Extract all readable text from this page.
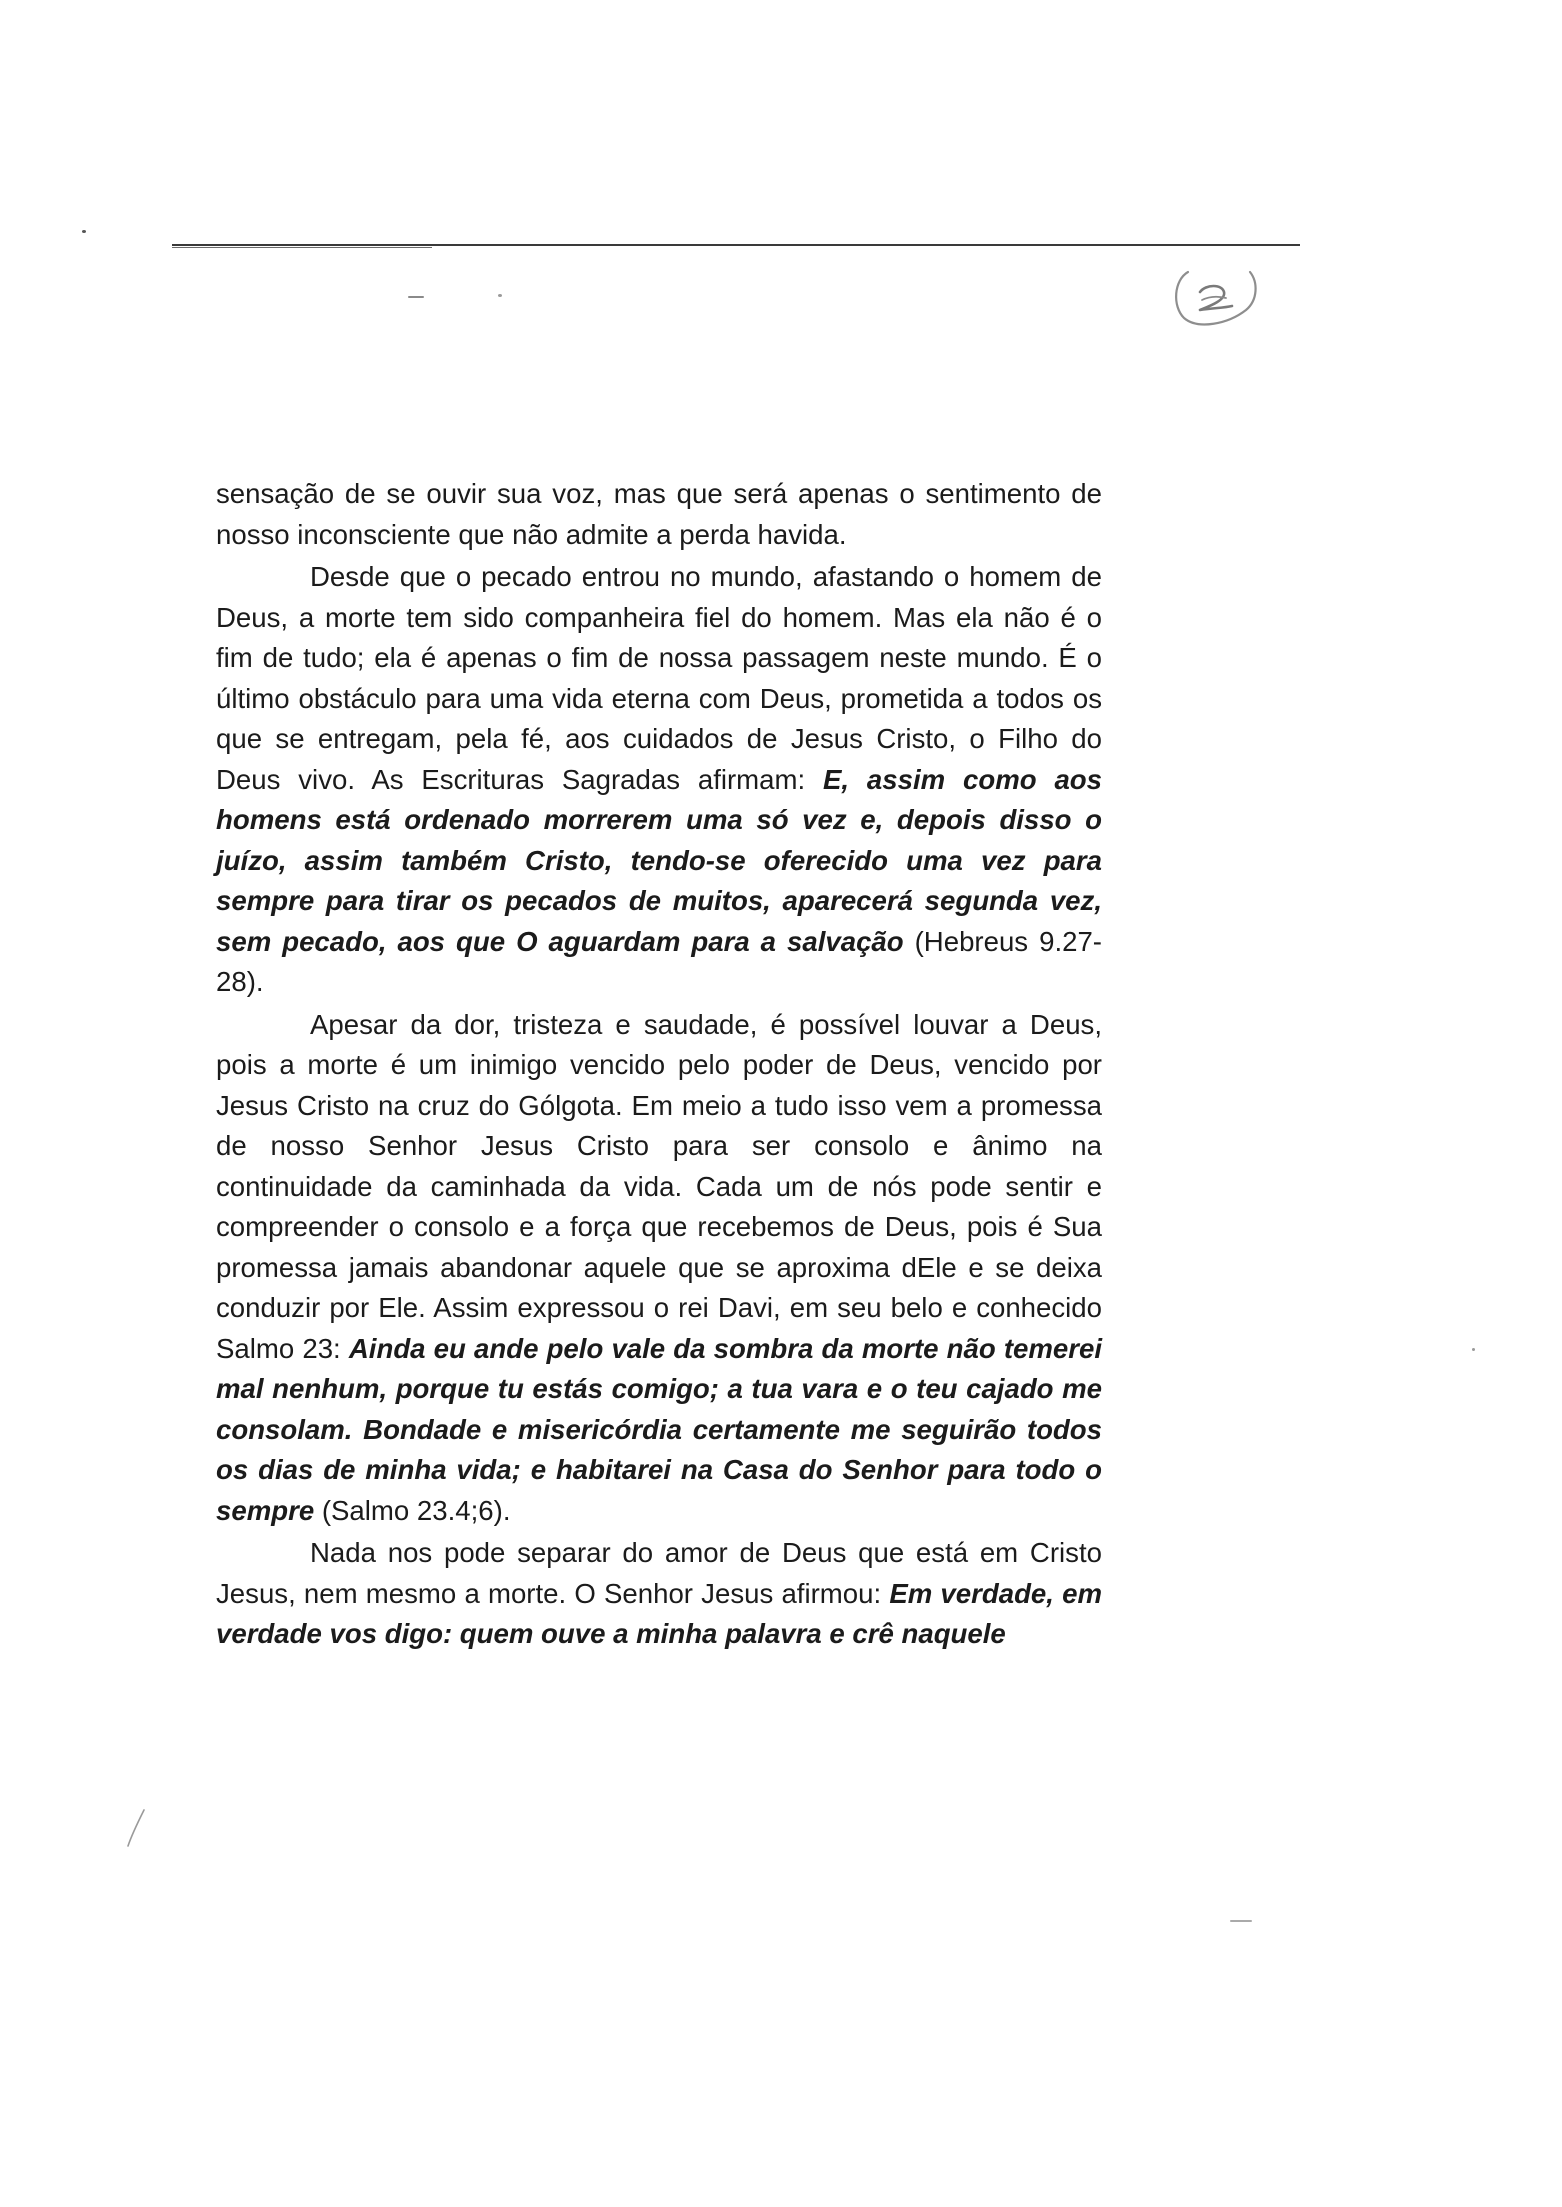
sensação de se ouvir sua voz, mas que será apenas o sentimento de nosso inconsciente que não admite a perda havida.

Desde que o pecado entrou no mundo, afastando o homem de Deus, a morte tem sido companheira fiel do homem. Mas ela não é o fim de tudo; ela é apenas o fim de nossa passagem neste mundo. É o último obstáculo para uma vida eterna com Deus, prometida a todos os que se entregam, pela fé, aos cuidados de Jesus Cristo, o Filho do Deus vivo. As Escrituras Sagradas afirmam: E, assim como aos homens está ordenado morrerem uma só vez e, depois disso o juízo, assim também Cristo, tendo-se oferecido uma vez para sempre para tirar os pecados de muitos, aparecerá segunda vez, sem pecado, aos que O aguardam para a salvação (Hebreus 9.27-28).

Apesar da dor, tristeza e saudade, é possível louvar a Deus, pois a morte é um inimigo vencido pelo poder de Deus, vencido por Jesus Cristo na cruz do Gólgota. Em meio a tudo isso vem a promessa de nosso Senhor Jesus Cristo para ser consolo e ânimo na continuidade da caminhada da vida. Cada um de nós pode sentir e compreender o consolo e a força que recebemos de Deus, pois é Sua promessa jamais abandonar aquele que se aproxima dEle e se deixa conduzir por Ele. Assim expressou o rei Davi, em seu belo e conhecido Salmo 23: Ainda eu ande pelo vale da sombra da morte não temerei mal nenhum, porque tu estás comigo; a tua vara e o teu cajado me consolam. Bondade e misericórdia certamente me seguirão todos os dias de minha vida; e habitarei na Casa do Senhor para todo o sempre (Salmo 23.4;6).

Nada nos pode separar do amor de Deus que está em Cristo Jesus, nem mesmo a morte. O Senhor Jesus afirmou: Em verdade, em verdade vos digo: quem ouve a minha palavra e crê naquele
